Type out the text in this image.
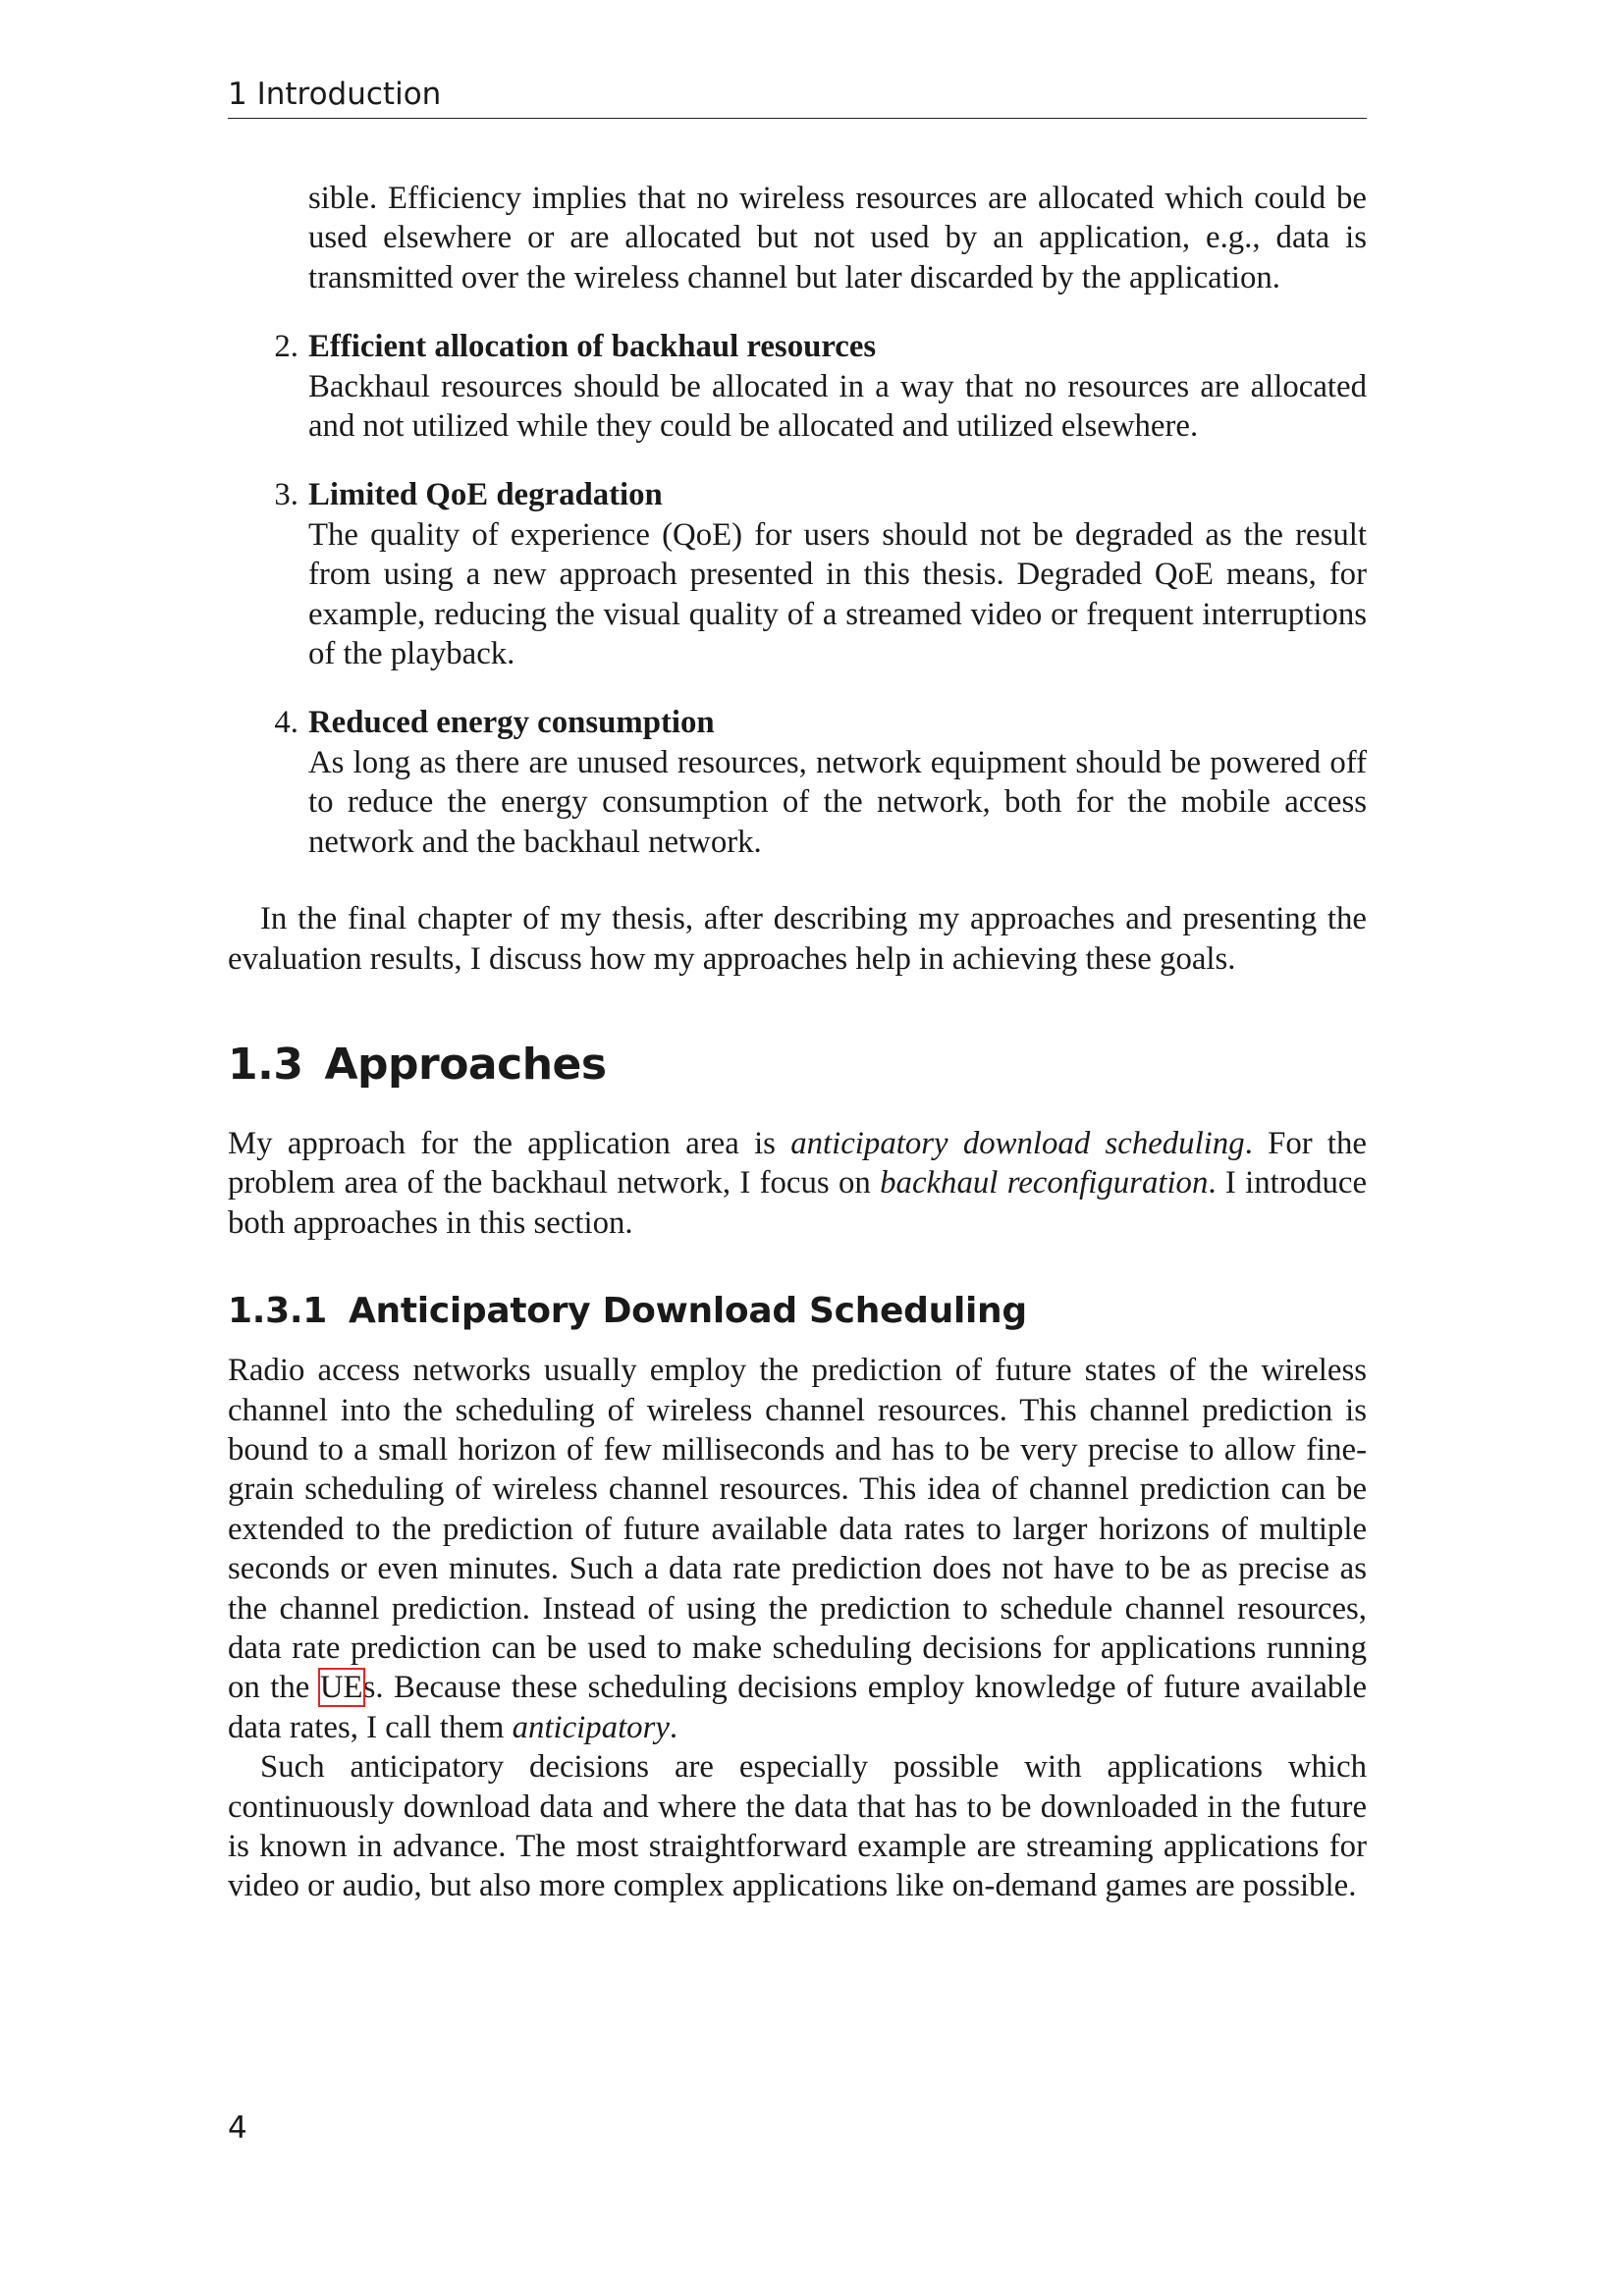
1 Introduction

sible. Efficiency implies that no wireless resources are allocated which could be used elsewhere or are allocated but not used by an application, e.g., data is transmitted over the wireless channel but later discarded by the application.

2. Efficient allocation of backhaul resources

Backhaul resources should be allocated in a way that no resources are allocated and not utilized while they could be allocated and utilized elsewhere.

3. Limited QoE degradation

The quality of experience (QoE) for users should not be degraded as the result from using a new approach presented in this thesis. Degraded QoE means, for example, reducing the visual quality of a streamed video or frequent interruptions of the playback.

4. Reduced energy consumption

As long as there are unused resources, network equipment should be powered off to reduce the energy consumption of the network, both for the mobile access network and the backhaul network.

In the final chapter of my thesis, after describing my approaches and presenting the evaluation results, I discuss how my approaches help in achieving these goals.

1.3 Approaches

My approach for the application area is anticipatory download scheduling. For the problem area of the backhaul network, I focus on backhaul reconfiguration. I introduce both approaches in this section.

1.3.1 Anticipatory Download Scheduling

Radio access networks usually employ the prediction of future states of the wireless channel into the scheduling of wireless channel resources. This channel prediction is bound to a small horizon of few milliseconds and has to be very precise to allow fine-grain scheduling of wireless channel resources. This idea of channel prediction can be extended to the prediction of future available data rates to larger horizons of multiple seconds or even minutes. Such a data rate prediction does not have to be as precise as the channel prediction. Instead of using the prediction to schedule channel resources, data rate prediction can be used to make scheduling decisions for applications running on the UEs. Because these scheduling decisions employ knowledge of future available data rates, I call them anticipatory.

Such anticipatory decisions are especially possible with applications which continuously download data and where the data that has to be downloaded in the future is known in advance. The most straightforward example are streaming applications for video or audio, but also more complex applications like on-demand games are possible.

4
